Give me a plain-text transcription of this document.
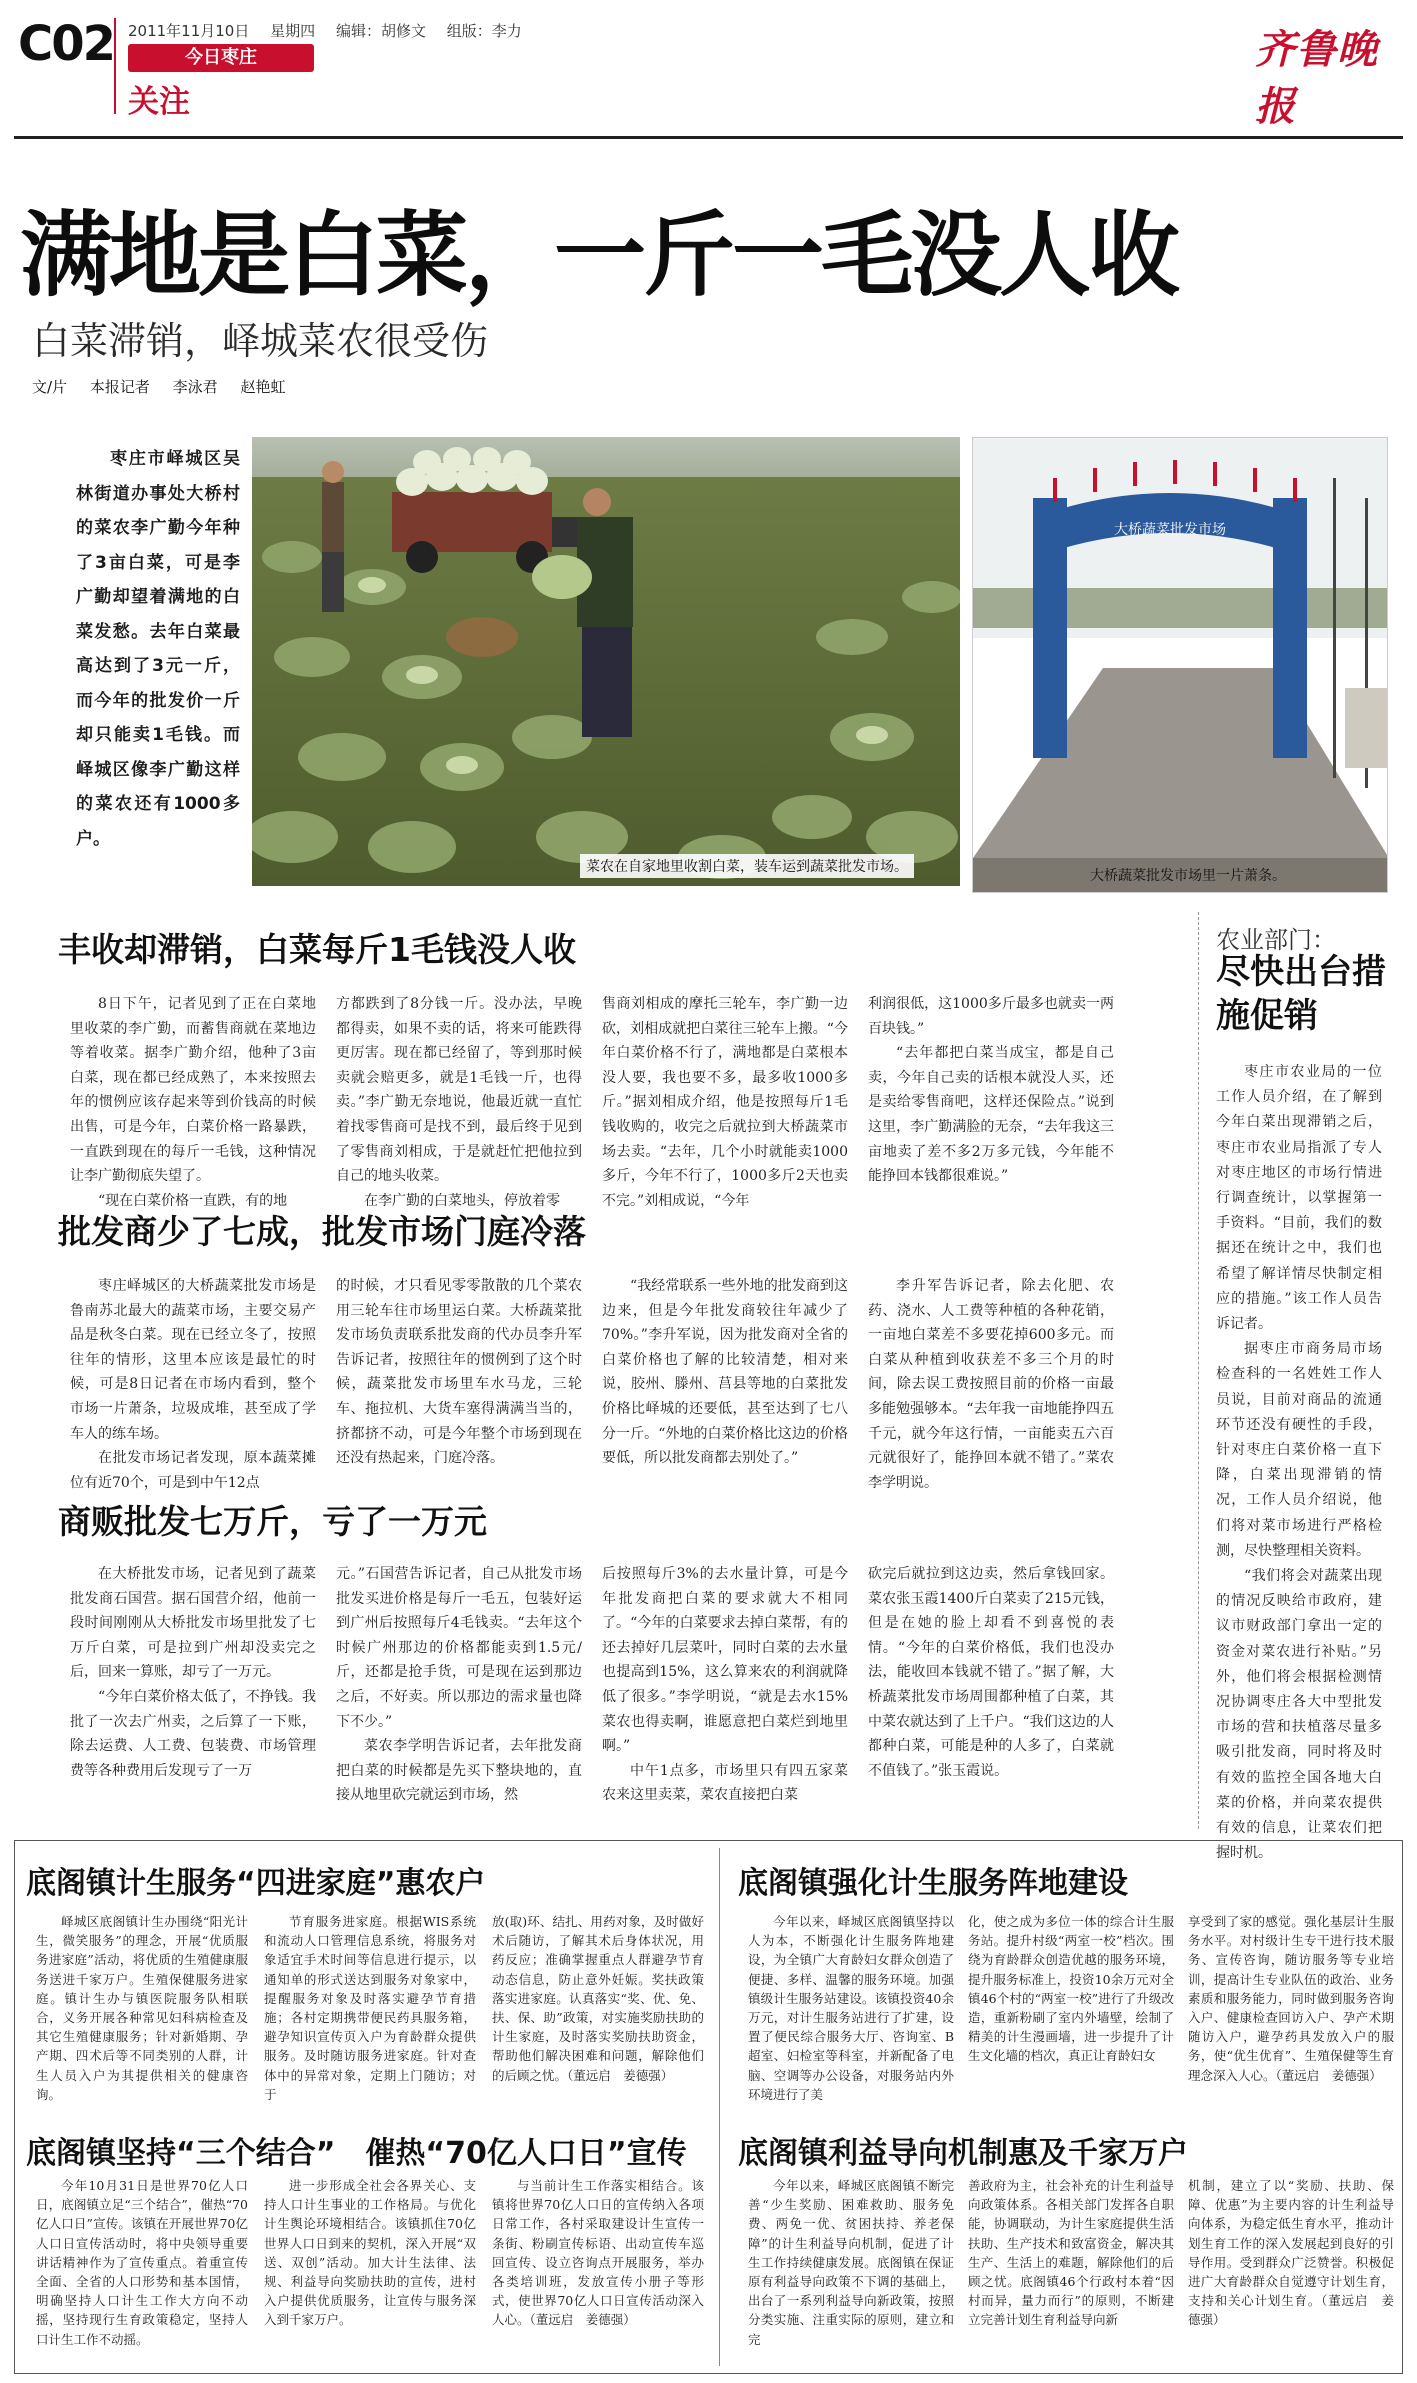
C02 2011年11月10日 星期四 编辑：胡修文 组版：李力
今日枣庄
关注
齐鲁晚报
满地是白菜，一斤一毛没人收
白菜滞销，峄城菜农很受伤
文/片 本报记者 李泳君 赵艳虹

枣庄市峄城区吴林街道办事处大桥村的菜农李广勤今年种了3亩白菜，可是李广勤却望着满地的白菜发愁。去年白菜最高达到了3元一斤，而今年的批发价一斤却只能卖1毛钱。而峄城区像李广勤这样的菜农还有1000多户。

菜农在自家地里收割白菜，装车运到蔬菜批发市场。
大桥蔬菜批发市场
大桥蔬菜批发市场里一片萧条。
丰收却滞销，白菜每斤1毛钱没人收

8日下午，记者见到了正在白菜地里收菜的李广勤，而蓄售商就在菜地边等着收菜。据李广勤介绍，他种了3亩白菜，现在都已经成熟了，本来按照去年的惯例应该存起来等到价钱高的时候出售，可是今年，白菜价格一路暴跌，一直跌到现在的每斤一毛钱，这种情况让李广勤彻底失望了。

“现在白菜价格一直跌，有的地

方都跌到了8分钱一斤。没办法，早晚都得卖，如果不卖的话，将来可能跌得更厉害。现在都已经留了，等到那时候卖就会赔更多，就是1毛钱一斤，也得卖。”李广勤无奈地说，他最近就一直忙着找零售商可是找不到，最后终于见到了零售商刘相成，于是就赶忙把他拉到自己的地头收菜。

在李广勤的白菜地头，停放着零

售商刘相成的摩托三轮车，李广勤一边砍，刘相成就把白菜往三轮车上搬。“今年白菜价格不行了，满地都是白菜根本没人要，我也要不多，最多收1000多斤。”据刘相成介绍，他是按照每斤1毛钱收购的，收完之后就拉到大桥蔬菜市场去卖。“去年，几个小时就能卖1000多斤，今年不行了，1000多斤2天也卖不完。”刘相成说，“今年

利润很低，这1000多斤最多也就卖一两百块钱。”

“去年都把白菜当成宝，都是自己卖，今年自己卖的话根本就没人买，还是卖给零售商吧，这样还保险点。”说到这里，李广勤满脸的无奈，“去年我这三亩地卖了差不多2万多元钱，今年能不能挣回本钱都很难说。”

批发商少了七成，批发市场门庭冷落

枣庄峄城区的大桥蔬菜批发市场是鲁南苏北最大的蔬菜市场，主要交易产品是秋冬白菜。现在已经立冬了，按照往年的情形，这里本应该是最忙的时候，可是8日记者在市场内看到，整个市场一片萧条，垃圾成堆，甚至成了学车人的练车场。

在批发市场记者发现，原本蔬菜摊位有近70个，可是到中午12点

的时候，才只看见零零散散的几个菜农用三轮车往市场里运白菜。大桥蔬菜批发市场负责联系批发商的代办员李升军告诉记者，按照往年的惯例到了这个时候，蔬菜批发市场里车水马龙，三轮车、拖拉机、大货车塞得满满当当的，挤都挤不动，可是今年整个市场到现在还没有热起来，门庭冷落。

“我经常联系一些外地的批发商到这边来，但是今年批发商较往年减少了70%。”李升军说，因为批发商对全省的白菜价格也了解的比较清楚，相对来说，胶州、滕州、莒县等地的白菜批发价格比峄城的还要低，甚至达到了七八分一斤。“外地的白菜价格比这边的价格要低，所以批发商都去别处了。”

李升军告诉记者，除去化肥、农药、浇水、人工费等种植的各种花销，一亩地白菜差不多要花掉600多元。而白菜从种植到收获差不多三个月的时间，除去误工费按照目前的价格一亩最多能勉强够本。“去年我一亩地能挣四五千元，就今年这行情，一亩能卖五六百元就很好了，能挣回本就不错了。”菜农李学明说。

商贩批发七万斤，亏了一万元

在大桥批发市场，记者见到了蔬菜批发商石国营。据石国营介绍，他前一段时间刚刚从大桥批发市场里批发了七万斤白菜，可是拉到广州却没卖完之后，回来一算账，却亏了一万元。

“今年白菜价格太低了，不挣钱。我批了一次去广州卖，之后算了一下账，除去运费、人工费、包装费、市场管理费等各种费用后发现亏了一万

元。”石国营告诉记者，自己从批发市场批发买进价格是每斤一毛五，包装好运到广州后按照每斤4毛钱卖。“去年这个时候广州那边的价格都能卖到1.5元/斤，还都是抢手货，可是现在运到那边之后，不好卖。所以那边的需求量也降下不少。”

菜农李学明告诉记者，去年批发商把白菜的时候都是先买下整块地的，直接从地里砍完就运到市场，然

后按照每斤3%的去水量计算，可是今年批发商把白菜的要求就大不相同了。“今年的白菜要求去掉白菜帮，有的还去掉好几层菜叶，同时白菜的去水量也提高到15%，这么算来农的利润就降低了很多。”李学明说，“就是去水15%菜农也得卖啊，谁愿意把白菜烂到地里啊。”

中午1点多，市场里只有四五家菜农来这里卖菜，菜农直接把白菜

砍完后就拉到这边卖，然后拿钱回家。菜农张玉霞1400斤白菜卖了215元钱，但是在她的脸上却看不到喜悦的表情。“今年的白菜价格低，我们也没办法，能收回本钱就不错了。”据了解，大桥蔬菜批发市场周围都种植了白菜，其中菜农就达到了上千户。“我们这边的人都种白菜，可能是种的人多了，白菜就不值钱了。”张玉霞说。

农业部门：
尽快出台措施促销

枣庄市农业局的一位工作人员介绍，在了解到今年白菜出现滞销之后，枣庄市农业局指派了专人对枣庄地区的市场行情进行调查统计，以掌握第一手资料。“目前，我们的数据还在统计之中，我们也希望了解详情尽快制定相应的措施。”该工作人员告诉记者。

据枣庄市商务局市场检查科的一名姓姓工作人员说，目前对商品的流通环节还没有硬性的手段，针对枣庄白菜价格一直下降，白菜出现滞销的情况，工作人员介绍说，他们将对菜市场进行严格检测，尽快整理相关资料。

“我们将会对蔬菜出现的情况反映给市政府，建议市财政部门拿出一定的资金对菜农进行补贴。”另外，他们将会根据检测情况协调枣庄各大中型批发市场的营和扶植落尽量多吸引批发商，同时将及时有效的监控全国各地大白菜的价格，并向菜农提供有效的信息，让菜农们把握时机。

底阁镇计生服务“四进家庭”惠农户
峄城区底阁镇计生办围绕“阳光计生，微笑服务”的理念，开展“优质服务进家庭”活动，将优质的生殖健康服务送进千家万户。生殖保健服务进家庭。镇计生办与镇医院服务队相联合，义务开展各种常见妇科病检查及其它生殖健康服务；针对新婚期、孕产期、四术后等不同类别的人群，计生人员入户为其提供相关的健康咨询。
节育服务进家庭。根据WIS系统和流动人口管理信息系统，将服务对象适宜手术时间等信息进行提示，以通知单的形式送达到服务对象家中，提醒服务对象及时落实避孕节育措施；各村定期携带便民药具服务箱，避孕知识宣传页入户为育龄群众提供服务。及时随访服务进家庭。针对查体中的异常对象，定期上门随访；对于
放(取)环、结扎、用药对象，及时做好术后随访，了解其术后身体状况，用药反应；准确掌握重点人群避孕节育动态信息，防止意外妊娠。奖扶政策落实进家庭。认真落实“奖、优、免、扶、保、助”政策，对实施奖励扶助的计生家庭，及时落实奖励扶助资金，帮助他们解决困难和问题，解除他们的后顾之忧。（董远启　姜德强）
底阁镇强化计生服务阵地建设
今年以来，峄城区底阁镇坚持以人为本，不断强化计生服务阵地建设，为全镇广大育龄妇女群众创造了便捷、多样、温馨的服务环境。加强镇级计生服务站建设。该镇投资40余万元，对计生服务站进行了扩建，设置了便民综合服务大厅、咨询室、B超室、妇检室等科室，并新配备了电脑、空调等办公设备，对服务站内外环境进行了美
化，使之成为多位一体的综合计生服务站。提升村级“两室一校”档次。围绕为育龄群众创造优越的服务环境，提升服务标准上，投资10余万元对全镇46个村的“两室一校”进行了升级改造，重新粉刷了室内外墙壁，绘制了精美的计生漫画墙，进一步提升了计生文化墙的档次，真正让育龄妇女
享受到了家的感觉。强化基层计生服务水平。对村级计生专干进行技术服务、宣传咨询，随访服务等专业培训，提高计生专业队伍的政治、业务素质和服务能力，同时做到服务咨询入户、健康检查回访入户、孕产术期随访入户，避孕药具发放入户的服务，使“优生优育”、生殖保健等生育理念深入人心。（董远启　姜德强）
底阁镇坚持“三个结合”　催热“70亿人口日”宣传
今年10月31日是世界70亿人口日，底阁镇立足“三个结合”，催热“70亿人口日”宣传。该镇在开展世界70亿人口日宣传活动时，将中央领导重要讲话精神作为了宣传重点。着重宣传全面、全省的人口形势和基本国情，明确坚持人口计生工作大方向不动摇，坚持现行生育政策稳定，坚持人口计生工作不动摇。
进一步形成全社会各界关心、支持人口计生事业的工作格局。与优化计生舆论环境相结合。该镇抓住70亿世界人口日到来的契机，深入开展“双送、双创”活动。加大计生法律、法规、利益导向奖励扶助的宣传，进村入户提供优质服务，让宣传与服务深入到千家万户。
与当前计生工作落实相结合。该镇将世界70亿人口日的宣传纳入各项日常工作，各村采取建设计生宣传一条街、粉刷宣传标语、出动宣传车巡回宣传、设立咨询点开展服务，举办各类培训班，发放宣传小册子等形式，使世界70亿人口日宣传活动深入人心。（董远启　姜德强）
底阁镇利益导向机制惠及千家万户
今年以来，峄城区底阁镇不断完善“少生奖励、困难救助、服务免费、两免一优、贫困扶持、养老保障”的计生利益导向机制，促进了计生工作持续健康发展。底阁镇在保证原有利益导向政策不下调的基础上，出台了一系列利益导向新政策，按照分类实施、注重实际的原则，建立和完
善政府为主，社会补充的计生利益导向政策体系。各相关部门发挥各自职能，协调联动，为计生家庭提供生活扶助、生产技术和致富资金，解决其生产、生活上的难题，解除他们的后顾之忧。底阁镇46个行政村本着“因村而异，量力而行”的原则，不断建立完善计划生育利益导向新
机制，建立了以“奖励、扶助、保障、优惠”为主要内容的计生利益导向体系，为稳定低生育水平，推动计划生育工作的深入发展起到良好的引导作用。受到群众广泛赞誉。积极促进广大育龄群众自觉遵守计划生育，支持和关心计划生育。（董远启　姜德强）
